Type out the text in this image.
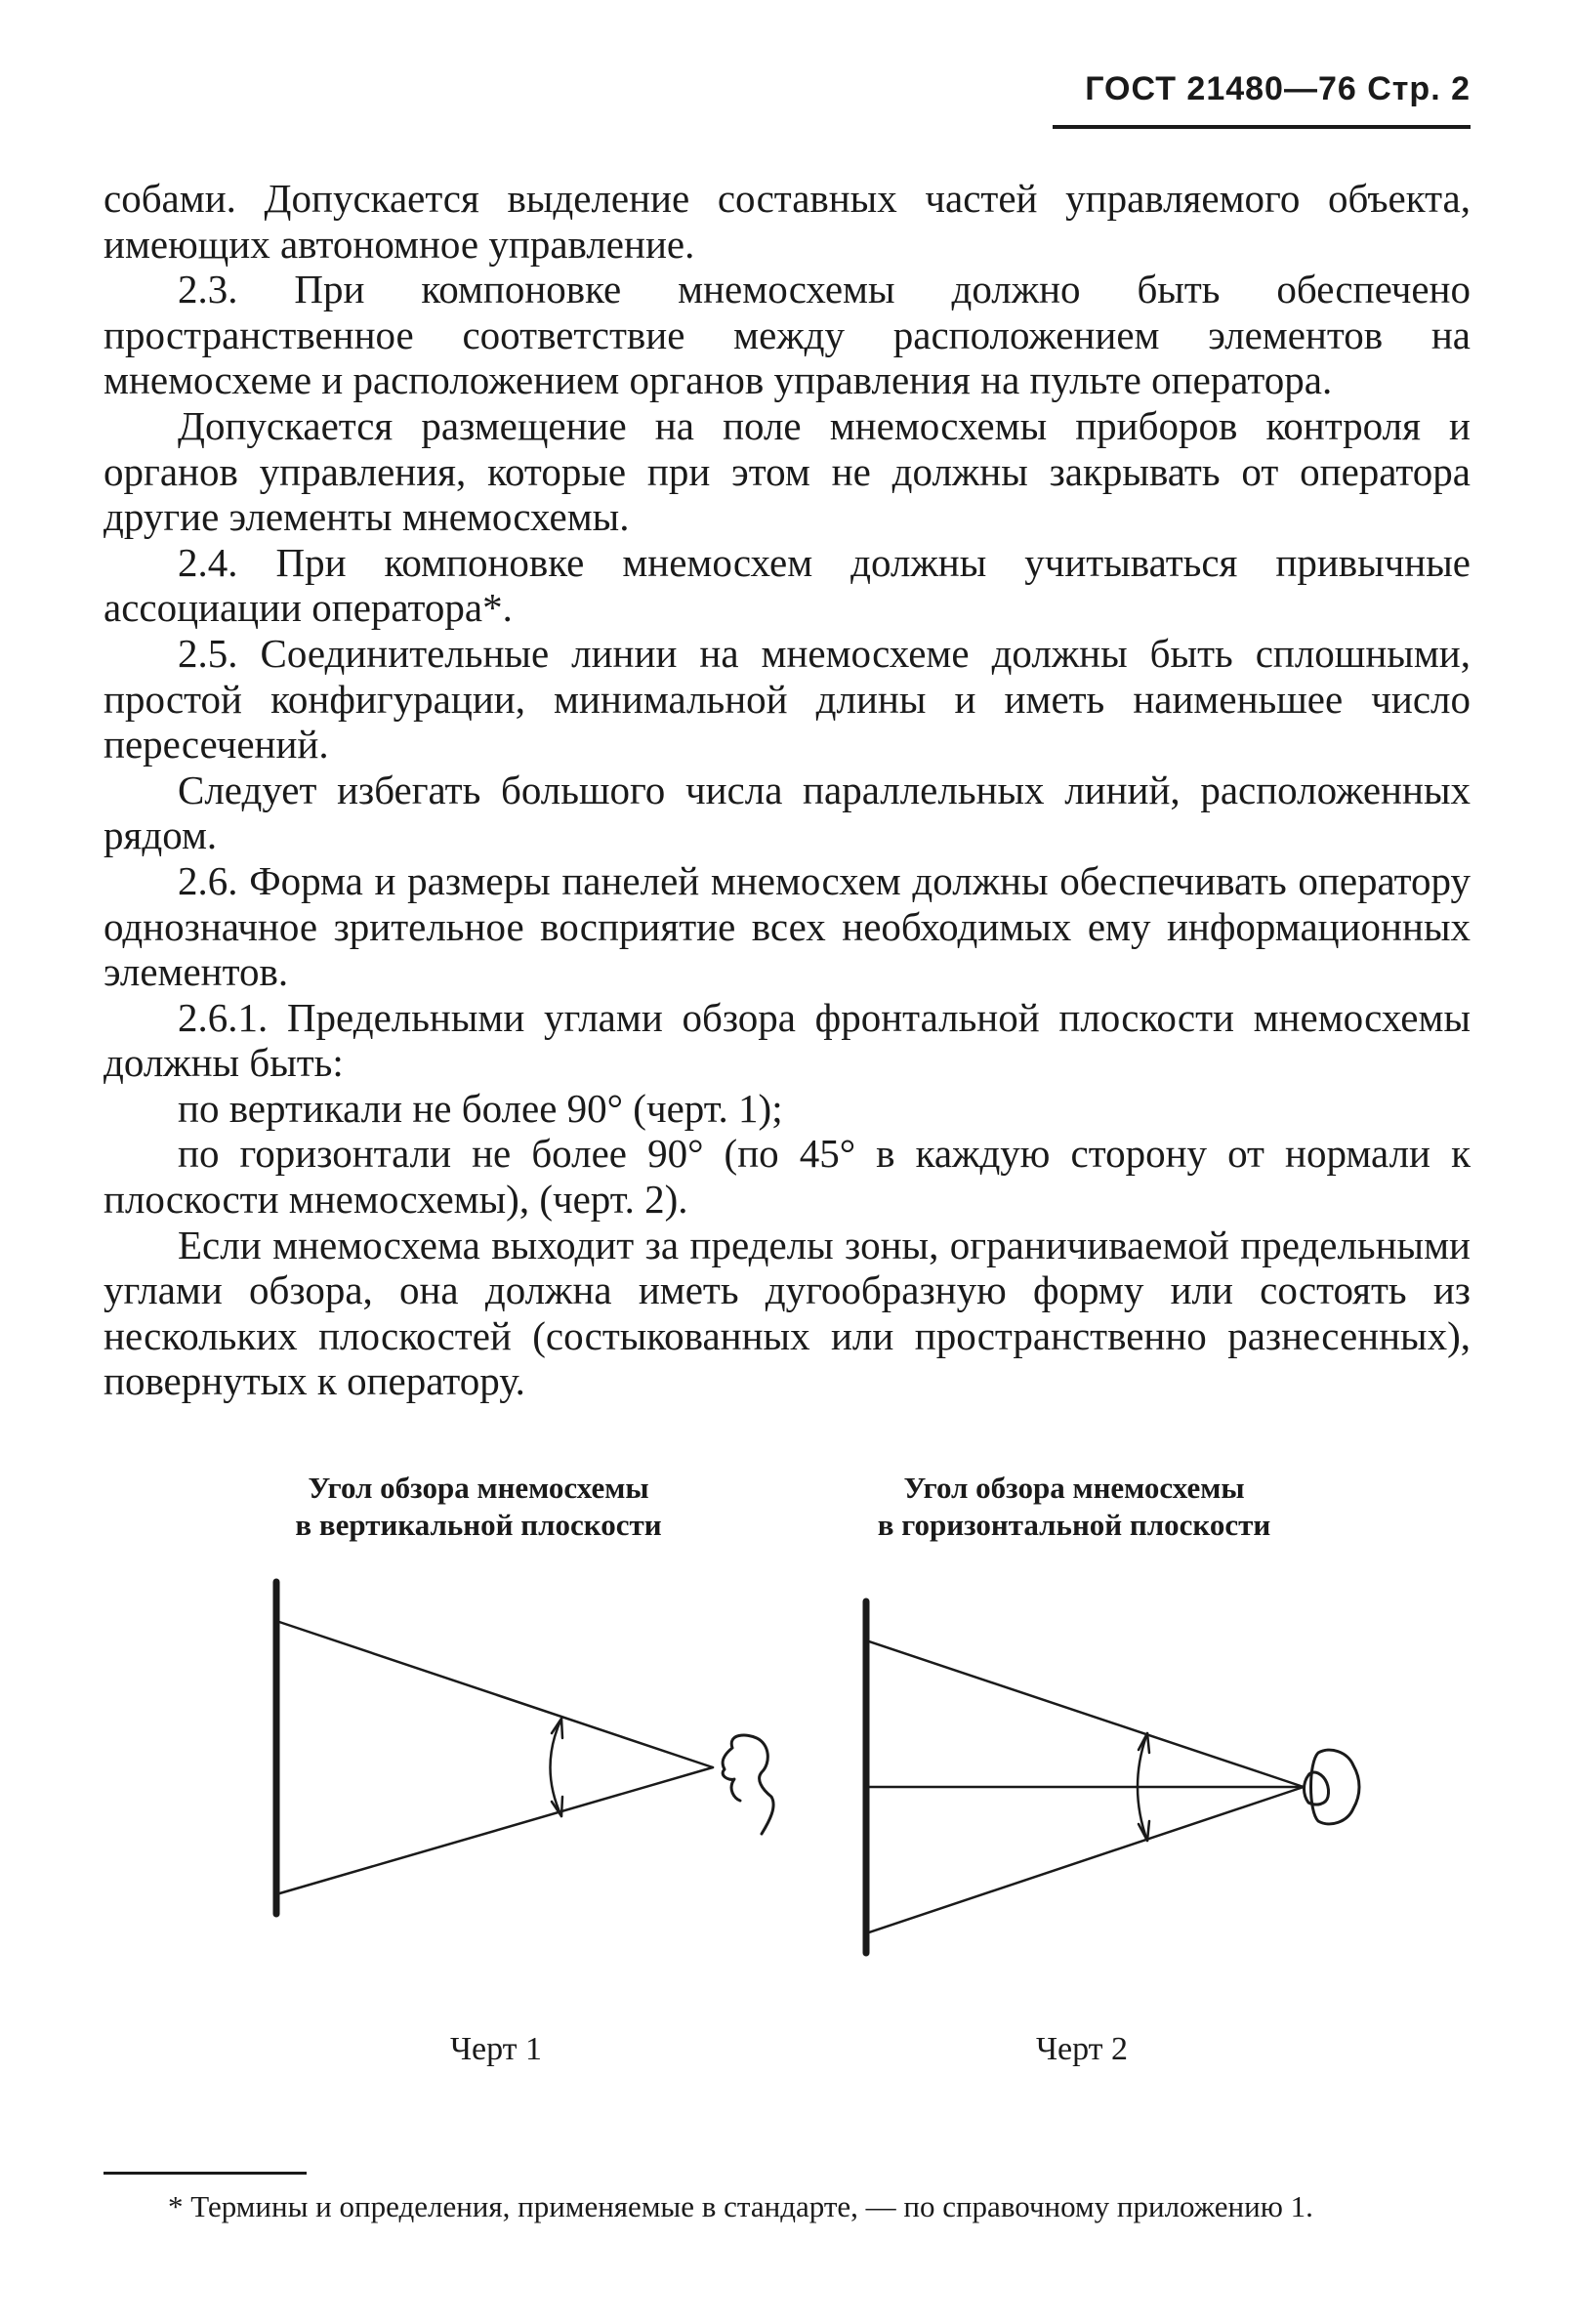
ГОСТ 21480—76 Стр. 2

собами. Допускается выделение составных частей управляемого объекта, имеющих автономное управление.

2.3. При компоновке мнемосхемы должно быть обеспечено пространственное соответствие между расположением элементов на мнемосхеме и расположением органов управления на пульте оператора.

Допускается размещение на поле мнемосхемы приборов контроля и органов управления, которые при этом не должны закрывать от оператора другие элементы мнемосхемы.

2.4. При компоновке мнемосхем должны учитываться привычные ассоциации оператора*.

2.5. Соединительные линии на мнемосхеме должны быть сплошными, простой конфигурации, минимальной длины и иметь наименьшее число пересечений.

Следует избегать большого числа параллельных линий, расположенных рядом.

2.6. Форма и размеры панелей мнемосхем должны обеспечивать оператору однозначное зрительное восприятие всех необходимых ему информационных элементов.

2.6.1. Предельными углами обзора фронтальной плоскости мнемосхемы должны быть:

по вертикали не более 90° (черт. 1);

по горизонтали не более 90° (по 45° в каждую сторону от нормали к плоскости мнемосхемы), (черт. 2).

Если мнемосхема выходит за пределы зоны, ограничиваемой предельными углами обзора, она должна иметь дугообразную форму или состоять из нескольких плоскостей (состыкованных или пространственно разнесенных), повернутых к оператору.

Угол обзора мнемосхемы
в вертикальной плоскости
Угол обзора мнемосхемы
в горизонтальной плоскости
Черт 1	Черт 2
* Термины и определения, применяемые в стандарте, — по справочному приложению 1.
